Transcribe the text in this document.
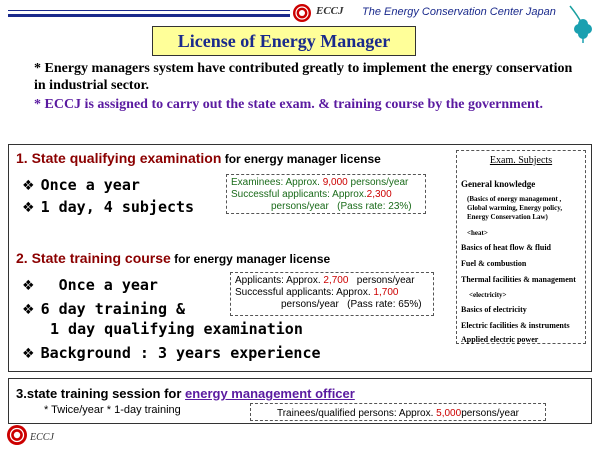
ECCJ The Energy Conservation Center Japan
License of Energy Manager
* Energy managers system have contributed greatly to implement the energy conservation in industrial sector.
* ECCJ is assigned to carry out the state exam. & training course by the government.
1. State qualifying examination for energy manager license
❖ Once a year
❖ 1 day, 4 subjects
Examinees: Approx. 9,000 persons/year
Successful applicants: Approx.2,300
persons/year (Pass rate: 23%)
2. State training course for energy manager license
❖ Once a year
❖ 6 day training &
1 day qualifying examination
❖ Background : 3 years experience
Applicants: Approx. 2,700 persons/year
Successful applicants: Approx. 1,700
persons/year (Pass rate: 65%)
Exam. Subjects
General knowledge
(Basics of energy management ,
Global warming, Energy policy,
Energy Conservation Law)
<heat>
Basics of heat flow & fluid
Fuel & combustion
Thermal facilities & management
<electricity>
Basics of electricity
Electric facilities & instruments
Applied electric power
3.state training session for energy management officer
* Twice/year * 1-day training	Trainees/qualified persons: Approx. 5,000persons/year
ECCJ
